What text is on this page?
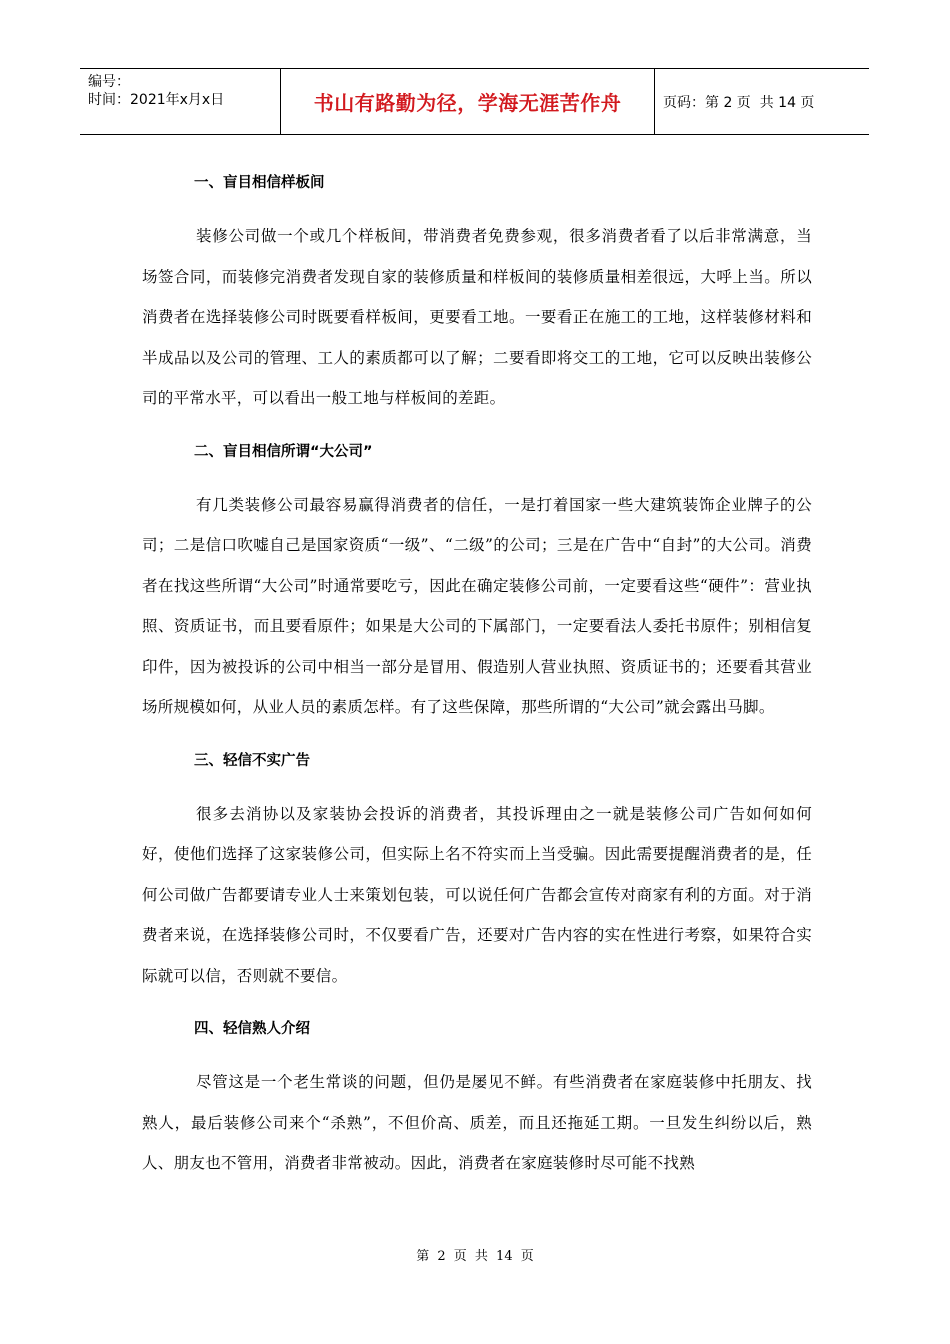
编号：
时间：2021年x月x日	书山有路勤为径，学海无涯苦作舟	页码：第 2 页  共 14 页
一、盲目相信样板间

装修公司做一个或几个样板间，带消费者免费参观，很多消费者看了以后非常满意，当场签合同，而装修完消费者发现自家的装修质量和样板间的装修质量相差很远，大呼上当。所以消费者在选择装修公司时既要看样板间，更要看工地。一要看正在施工的工地，这样装修材料和半成品以及公司的管理、工人的素质都可以了解；二要看即将交工的工地，它可以反映出装修公司的平常水平，可以看出一般工地与样板间的差距。

二、盲目相信所谓“大公司”

有几类装修公司最容易赢得消费者的信任，一是打着国家一些大建筑装饰企业牌子的公司；二是信口吹嘘自己是国家资质“一级”、“二级”的公司；三是在广告中“自封”的大公司。消费者在找这些所谓“大公司”时通常要吃亏，因此在确定装修公司前，一定要看这些“硬件”：营业执照、资质证书，而且要看原件；如果是大公司的下属部门，一定要看法人委托书原件；别相信复印件，因为被投诉的公司中相当一部分是冒用、假造别人营业执照、资质证书的；还要看其营业场所规模如何，从业人员的素质怎样。有了这些保障，那些所谓的“大公司”就会露出马脚。

三、轻信不实广告

很多去消协以及家装协会投诉的消费者，其投诉理由之一就是装修公司广告如何如何好，使他们选择了这家装修公司，但实际上名不符实而上当受骗。因此需要提醒消费者的是，任何公司做广告都要请专业人士来策划包装，可以说任何广告都会宣传对商家有利的方面。对于消费者来说，在选择装修公司时，不仅要看广告，还要对广告内容的实在性进行考察，如果符合实际就可以信，否则就不要信。

四、轻信熟人介绍

尽管这是一个老生常谈的问题，但仍是屡见不鲜。有些消费者在家庭装修中托朋友、找熟人，最后装修公司来个“杀熟”，不但价高、质差，而且还拖延工期。一旦发生纠纷以后，熟人、朋友也不管用，消费者非常被动。因此，消费者在家庭装修时尽可能不找熟

第 2 页 共 14 页
